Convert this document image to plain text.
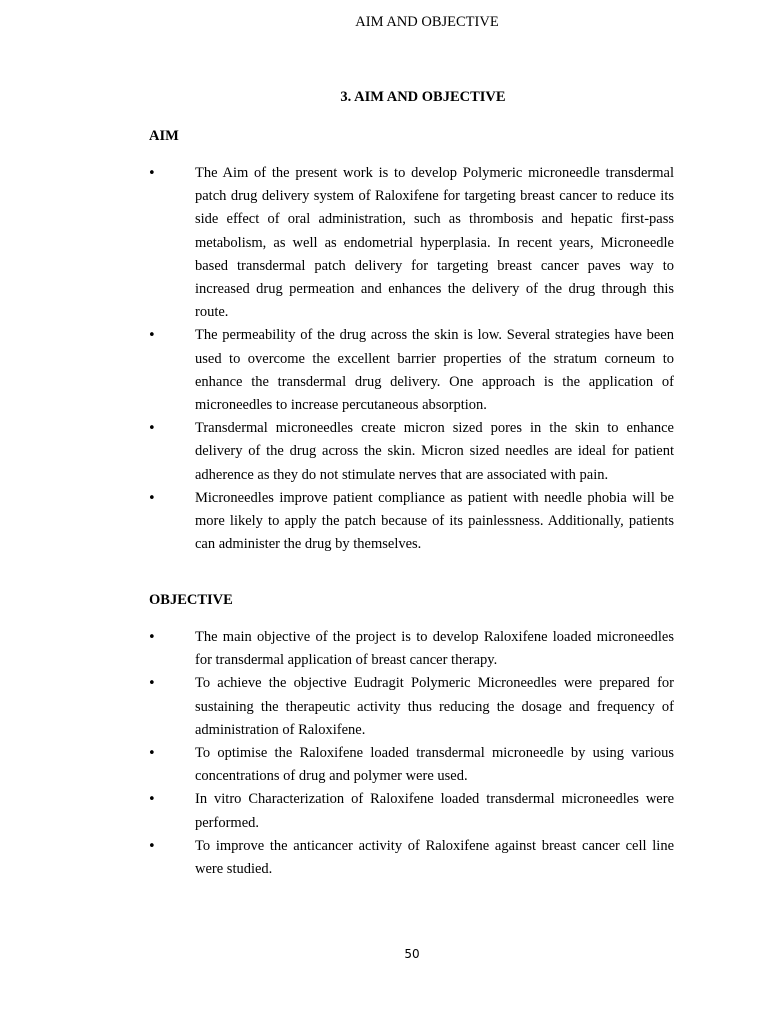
AIM AND OBJECTIVE
3. AIM AND OBJECTIVE
AIM
•	The Aim of the present work is to develop Polymeric microneedle transdermal patch drug delivery system of Raloxifene for targeting breast cancer to reduce its side effect of oral administration, such as thrombosis and hepatic first-pass metabolism, as well as endometrial hyperplasia. In recent years, Microneedle based transdermal patch delivery for targeting breast cancer paves way to increased drug permeation and enhances the delivery of the drug through this route.
•	The permeability of the drug across the skin is low. Several strategies have been used to overcome the excellent barrier properties of the stratum corneum to enhance the transdermal drug delivery. One approach is the application of microneedles to increase percutaneous absorption.
•	Transdermal microneedles create micron sized pores in the skin to enhance delivery of the drug across the skin. Micron sized needles are ideal for patient adherence as they do not stimulate nerves that are associated with pain.
•	Microneedles improve patient compliance as patient with needle phobia will be more likely to apply the patch because of its painlessness. Additionally, patients can administer the drug by themselves.
OBJECTIVE
•	The main objective of the project is to develop Raloxifene loaded microneedles for transdermal application of breast cancer therapy.
•	To achieve the objective Eudragit Polymeric Microneedles were prepared for sustaining the therapeutic activity thus reducing the dosage and frequency of administration of Raloxifene.
•	To optimise the Raloxifene loaded transdermal microneedle by using various concentrations of drug and polymer were used.
•	In vitro Characterization of Raloxifene loaded transdermal microneedles were performed.
•	To improve the anticancer activity of Raloxifene against breast cancer cell line were studied.
50
